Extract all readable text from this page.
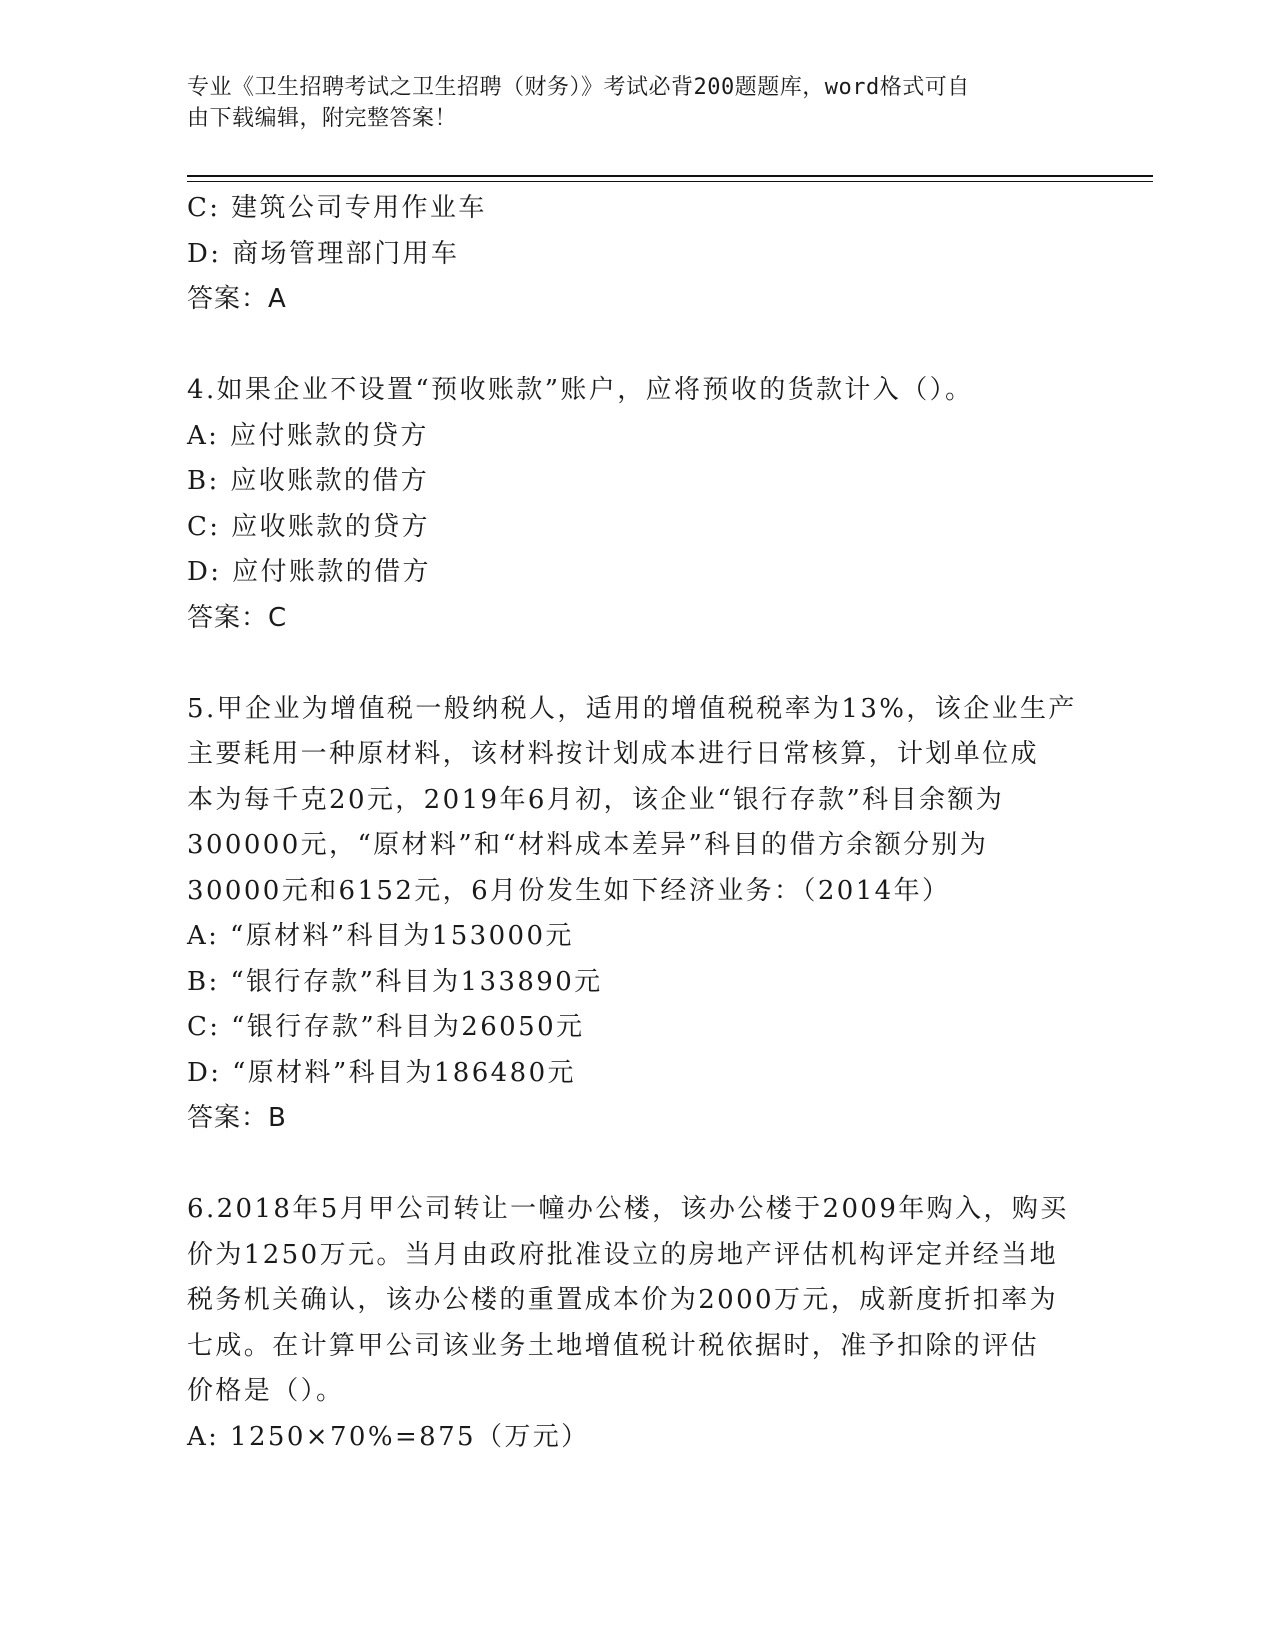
专业《卫生招聘考试之卫生招聘（财务）》考试必背200题题库，word格式可自
由下载编辑，附完整答案！
C: 建筑公司专用作业车
D: 商场管理部门用车
答案：A
4.如果企业不设置“预收账款”账户，应将预收的货款计入（）。
A: 应付账款的贷方
B: 应收账款的借方
C: 应收账款的贷方
D: 应付账款的借方
答案：C
5.甲企业为增值税一般纳税人，适用的增值税税率为13%，该企业生产
主要耗用一种原材料，该材料按计划成本进行日常核算，计划单位成
本为每千克20元，2019年6月初，该企业“银行存款”科目余额为
300000元，“原材料”和“材料成本差异”科目的借方余额分别为
30000元和6152元，6月份发生如下经济业务：（2014年）
A: “原材料”科目为153000元
B: “银行存款”科目为133890元
C: “银行存款”科目为26050元
D: “原材料”科目为186480元
答案：B
6.2018年5月甲公司转让一幢办公楼，该办公楼于2009年购入，购买
价为1250万元。当月由政府批准设立的房地产评估机构评定并经当地
税务机关确认，该办公楼的重置成本价为2000万元，成新度折扣率为
七成。在计算甲公司该业务土地增值税计税依据时，准予扣除的评估
价格是（）。
A: 1250×70%=875（万元）
